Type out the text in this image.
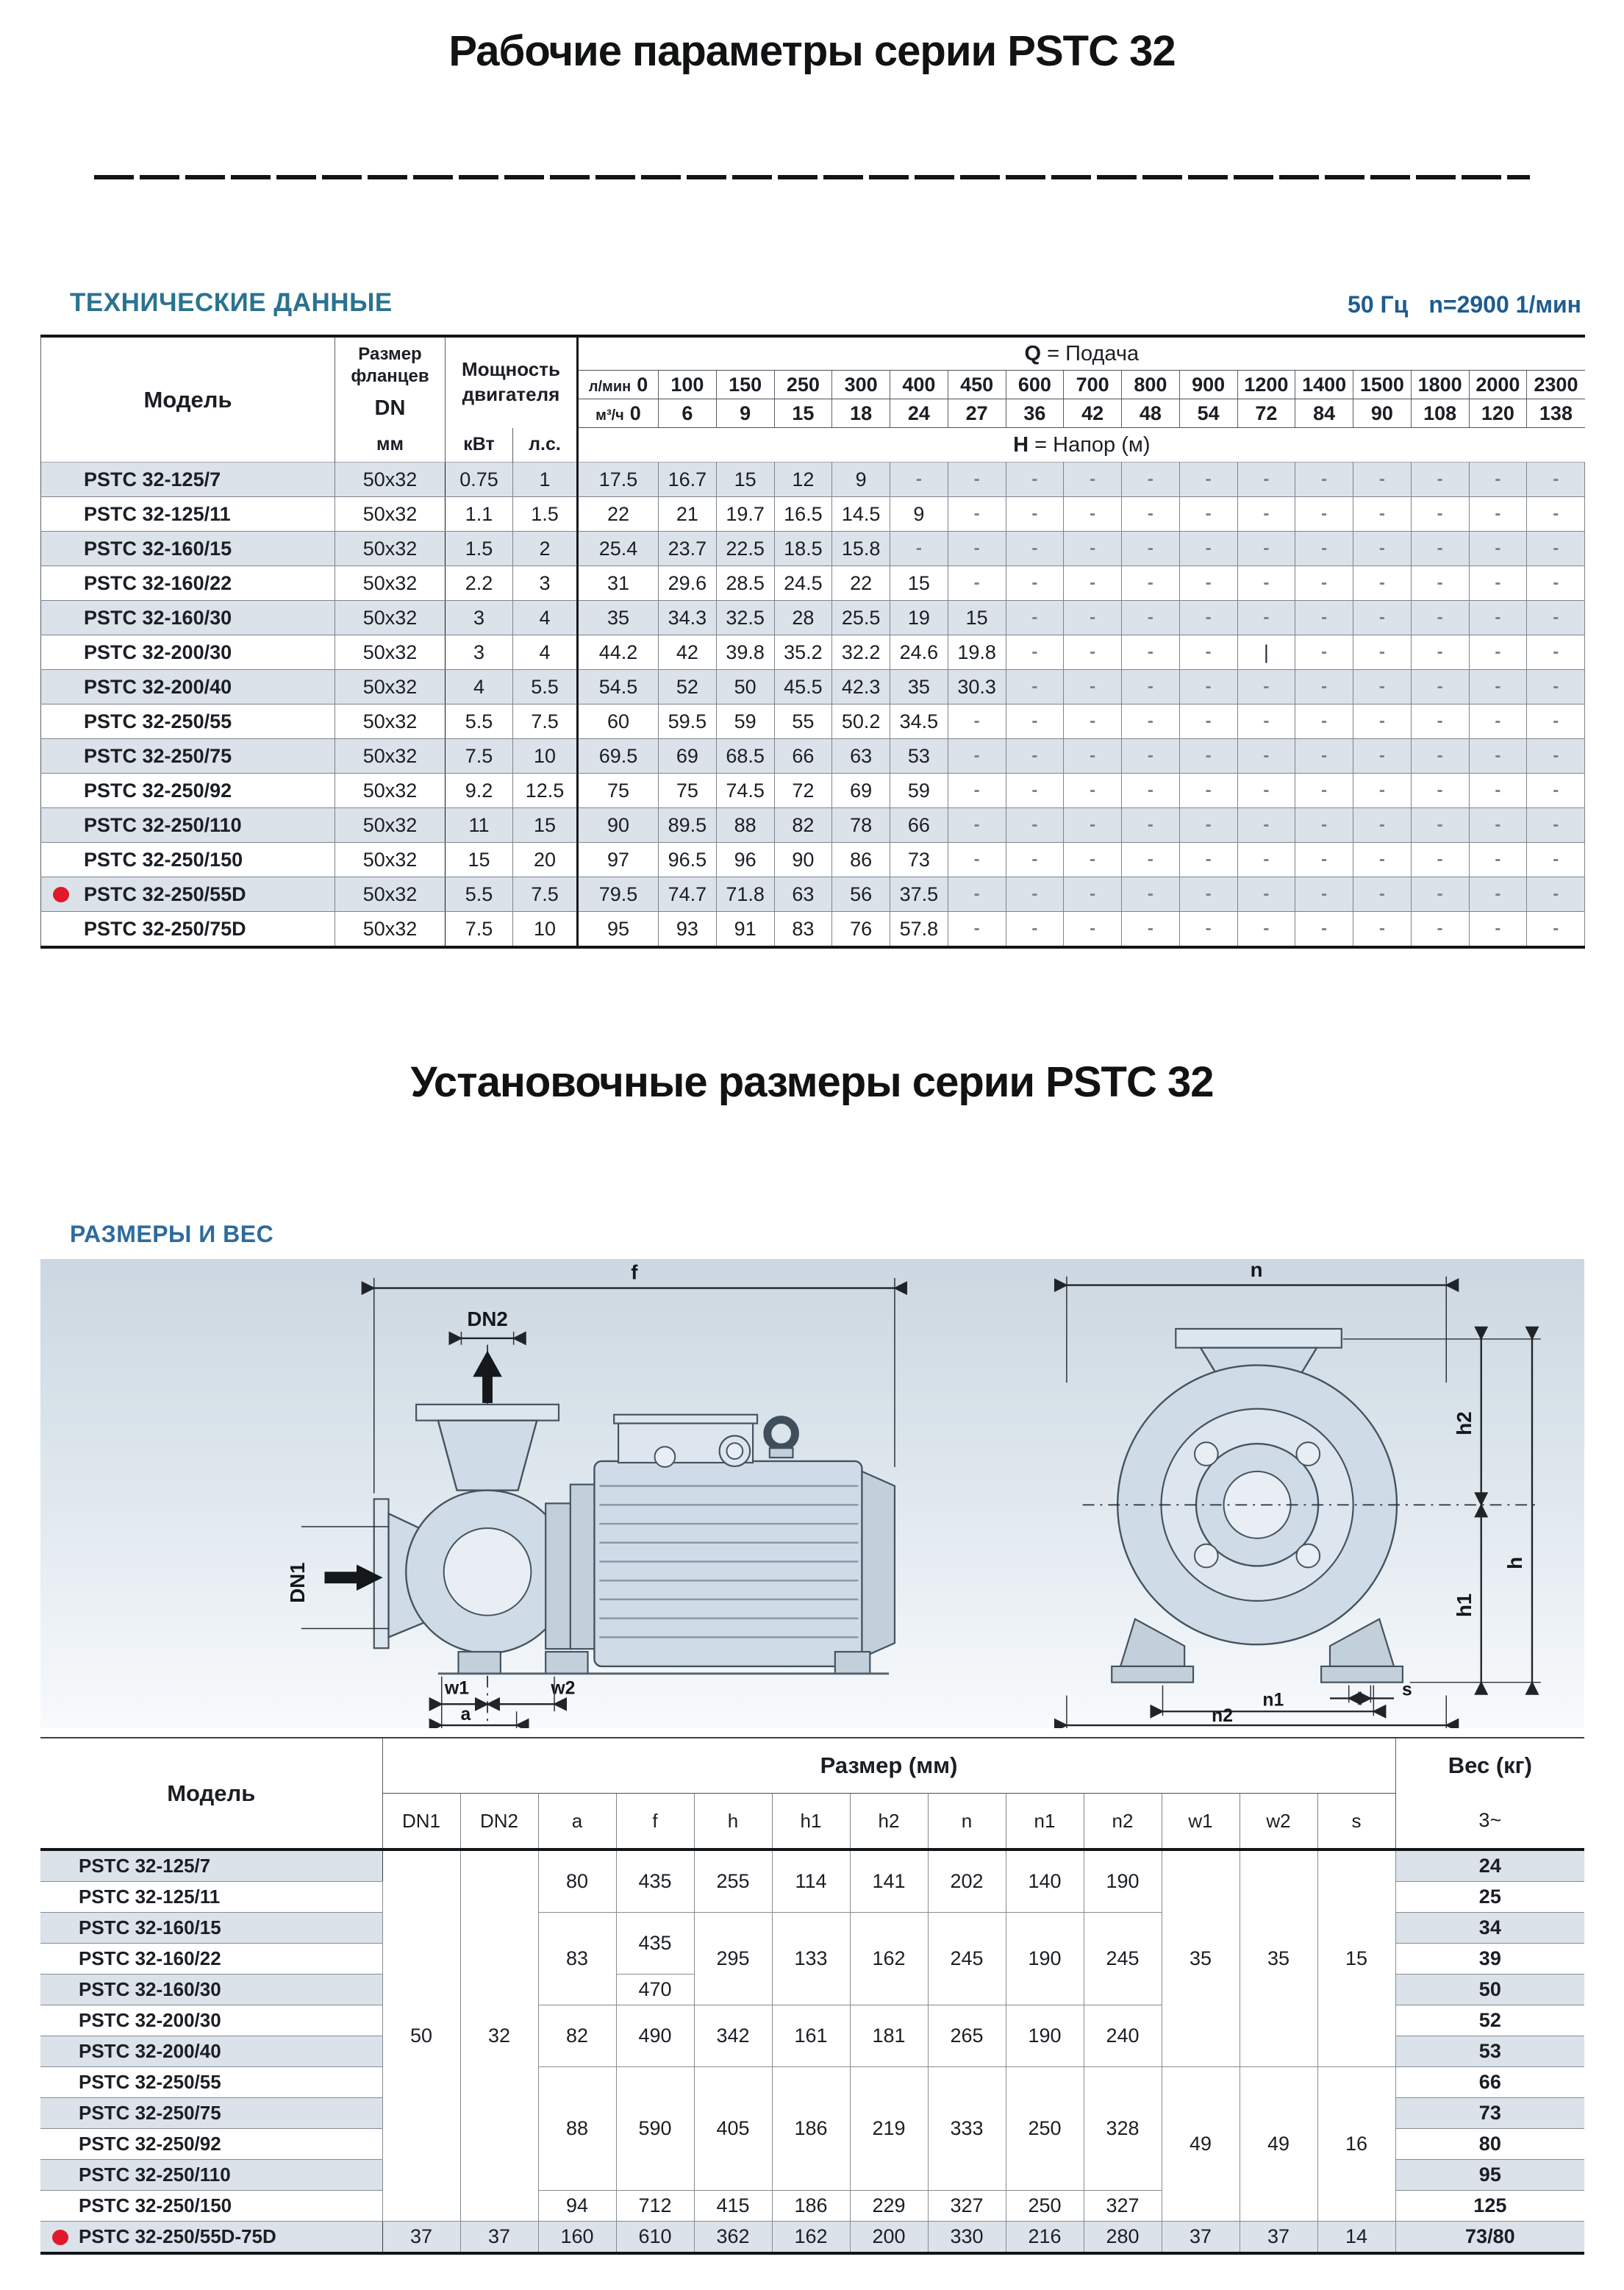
Рабочие параметры серии PSTC 32
ТЕХНИЧЕСКИЕ ДАННЫЕ	50 Гц n=2900 1/мин
Модель	
Размер
фланцев
DN

Мощность
двигателя
	Q = Подача
				л/мин 0	100	150	250	300	400	450	600	700	800	900	1200	1400	1500	1800	2000	2300
				м³/ч 0	6	9	15	18	24	27	36	42	48	54	72	84	90	108	120	138
	мм	кВт	л.с.	H = Напор (м)																
PSTC 32-125/7	50x32	0.75	1	17.5	16.7	15	12	9	-	-	-	-	-	-	-	-	-	-	-	-
PSTC 32-125/11	50x32	1.1	1.5	22	21	19.7	16.5	14.5	9	-	-	-	-	-	-	-	-	-	-	-
PSTC 32-160/15	50x32	1.5	2	25.4	23.7	22.5	18.5	15.8	-	-	-	-	-	-	-	-	-	-	-	-
PSTC 32-160/22	50x32	2.2	3	31	29.6	28.5	24.5	22	15	-	-	-	-	-	-	-	-	-	-	-
PSTC 32-160/30	50x32	3	4	35	34.3	32.5	28	25.5	19	15	-	-	-	-	-	-	-	-	-	-
PSTC 32-200/30	50x32	3	4	44.2	42	39.8	35.2	32.2	24.6	19.8	-	-	-	-	|	-	-	-	-	-
PSTC 32-200/40	50x32	4	5.5	54.5	52	50	45.5	42.3	35	30.3	-	-	-	-	-	-	-	-	-	-
PSTC 32-250/55	50x32	5.5	7.5	60	59.5	59	55	50.2	34.5	-	-	-	-	-	-	-	-	-	-	-
PSTC 32-250/75	50x32	7.5	10	69.5	69	68.5	66	63	53	-	-	-	-	-	-	-	-	-	-	-
PSTC 32-250/92	50x32	9.2	12.5	75	75	74.5	72	69	59	-	-	-	-	-	-	-	-	-	-	-
PSTC 32-250/110	50x32	11	15	90	89.5	88	82	78	66	-	-	-	-	-	-	-	-	-	-	-
PSTC 32-250/150	50x32	15	20	97	96.5	96	90	86	73	-	-	-	-	-	-	-	-	-	-	-

PSTC 32-250/55D	50x32	5.5	7.5	79.5	74.7	71.8	63	56	37.5	-	-	-	-	-	-	-	-	-	-	-
PSTC 32-250/75D	50x32	7.5	10	95	93	91	83	76	57.8	-	-	-	-	-	-	-	-	-	-	-
Установочные размеры серии PSTC 32
РАЗМЕРЫ И ВЕС
f
DN2
DN1
w1	w2
a
n
h2
h1
h
s
n1
n2
Модель	Размер (мм)													Вес (кг)
	DN1	DN2	a	f	h	h1	h2	n	n1	n2	w1	w2	s	3~
PSTC 32-125/7	50	32	80	435	255	114	141	202	140	190	35	35	15	24
PSTC 32-125/11														25
PSTC 32-160/15			83	435	295	133	162	245	190	245				34
PSTC 32-160/22														39
PSTC 32-160/30				470										50
PSTC 32-200/30			82	490	342	161	181	265	190	240				52
PSTC 32-200/40														53
PSTC 32-250/55			88	590	405	186	219	333	250	328	49	49	16	66
PSTC 32-250/75														73
PSTC 32-250/92														80
PSTC 32-250/110														95
PSTC 32-250/150			94	712	415	186	229	327	250	327				125

PSTC 32-250/55D-75D	37	37	160	610	362	162	200	330	216	280	37	37	14	73/80
